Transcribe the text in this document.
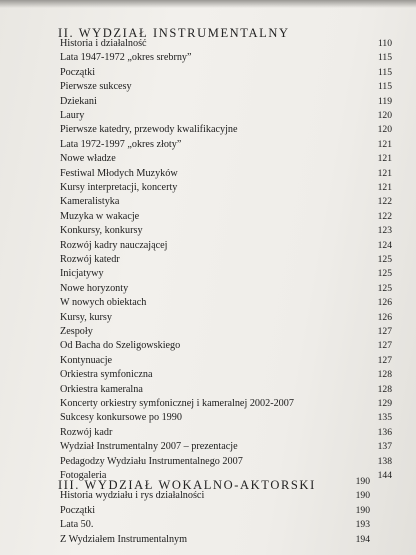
II. WYDZIAŁ INSTRUMENTALNY
III. WYDZIAŁ WOKALNO-AKTORSKI
Historia i działalność	110
Lata 1947-1972 „okres srebrny”	115
Początki	115
Pierwsze sukcesy	115
Dziekani	119
Laury	120
Pierwsze katedry, przewody kwalifikacyjne	120
Lata 1972-1997 „okres złoty”	121
Nowe władze	121
Festiwal Młodych Muzyków	121
Kursy interpretacji, koncerty	121
Kameralistyka	122
Muzyka w wakacje	122
Konkursy, konkursy	123
Rozwój kadry nauczającej	124
Rozwój katedr	125
Inicjatywy	125
Nowe horyzonty	125
W nowych obiektach	126
Kursy, kursy	126
Zespoły	127
Od Bacha do Szeligowskiego	127
Kontynuacje	127
Orkiestra symfoniczna	128
Orkiestra kameralna	128
Koncerty orkiestry symfonicznej i kameralnej 2002-2007	129
Sukcesy konkursowe po 1990	135
Rozwój kadr	136
Wydział Instrumentalny 2007 – prezentacje	137
Pedagodzy Wydziału Instrumentalnego 2007	138
Fotogaleria	144
190
Historia wydziału i rys działalności	190
Początki	190
Lata 50.	193
Z Wydziałem Instrumentalnym	194
